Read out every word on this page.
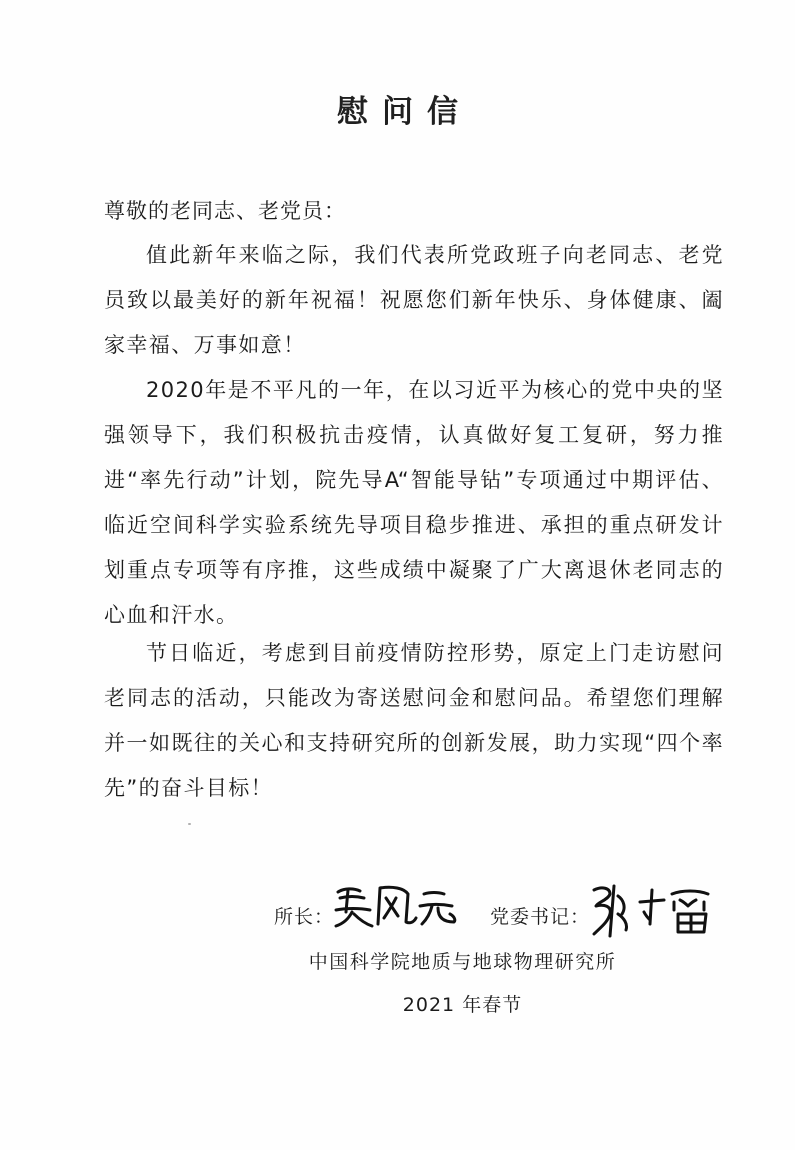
慰问信
尊敬的老同志、老党员：

值此新年来临之际，我们代表所党政班子向老同志、老党员致以最美好的新年祝福！祝愿您们新年快乐、身体健康、阖家幸福、万事如意！

2020年是不平凡的一年，在以习近平为核心的党中央的坚强领导下，我们积极抗击疫情，认真做好复工复研，努力推进“率先行动”计划，院先导A“智能导钻”专项通过中期评估、临近空间科学实验系统先导项目稳步推进、承担的重点研发计划重点专项等有序推，这些成绩中凝聚了广大离退休老同志的心血和汗水。

节日临近，考虑到目前疫情防控形势，原定上门走访慰问老同志的活动，只能改为寄送慰问金和慰问品。希望您们理解并一如既往的关心和支持研究所的创新发展，助力实现“四个率先”的奋斗目标！

所长：	党委书记：
中国科学院地质与地球物理研究所
2021 年春节
